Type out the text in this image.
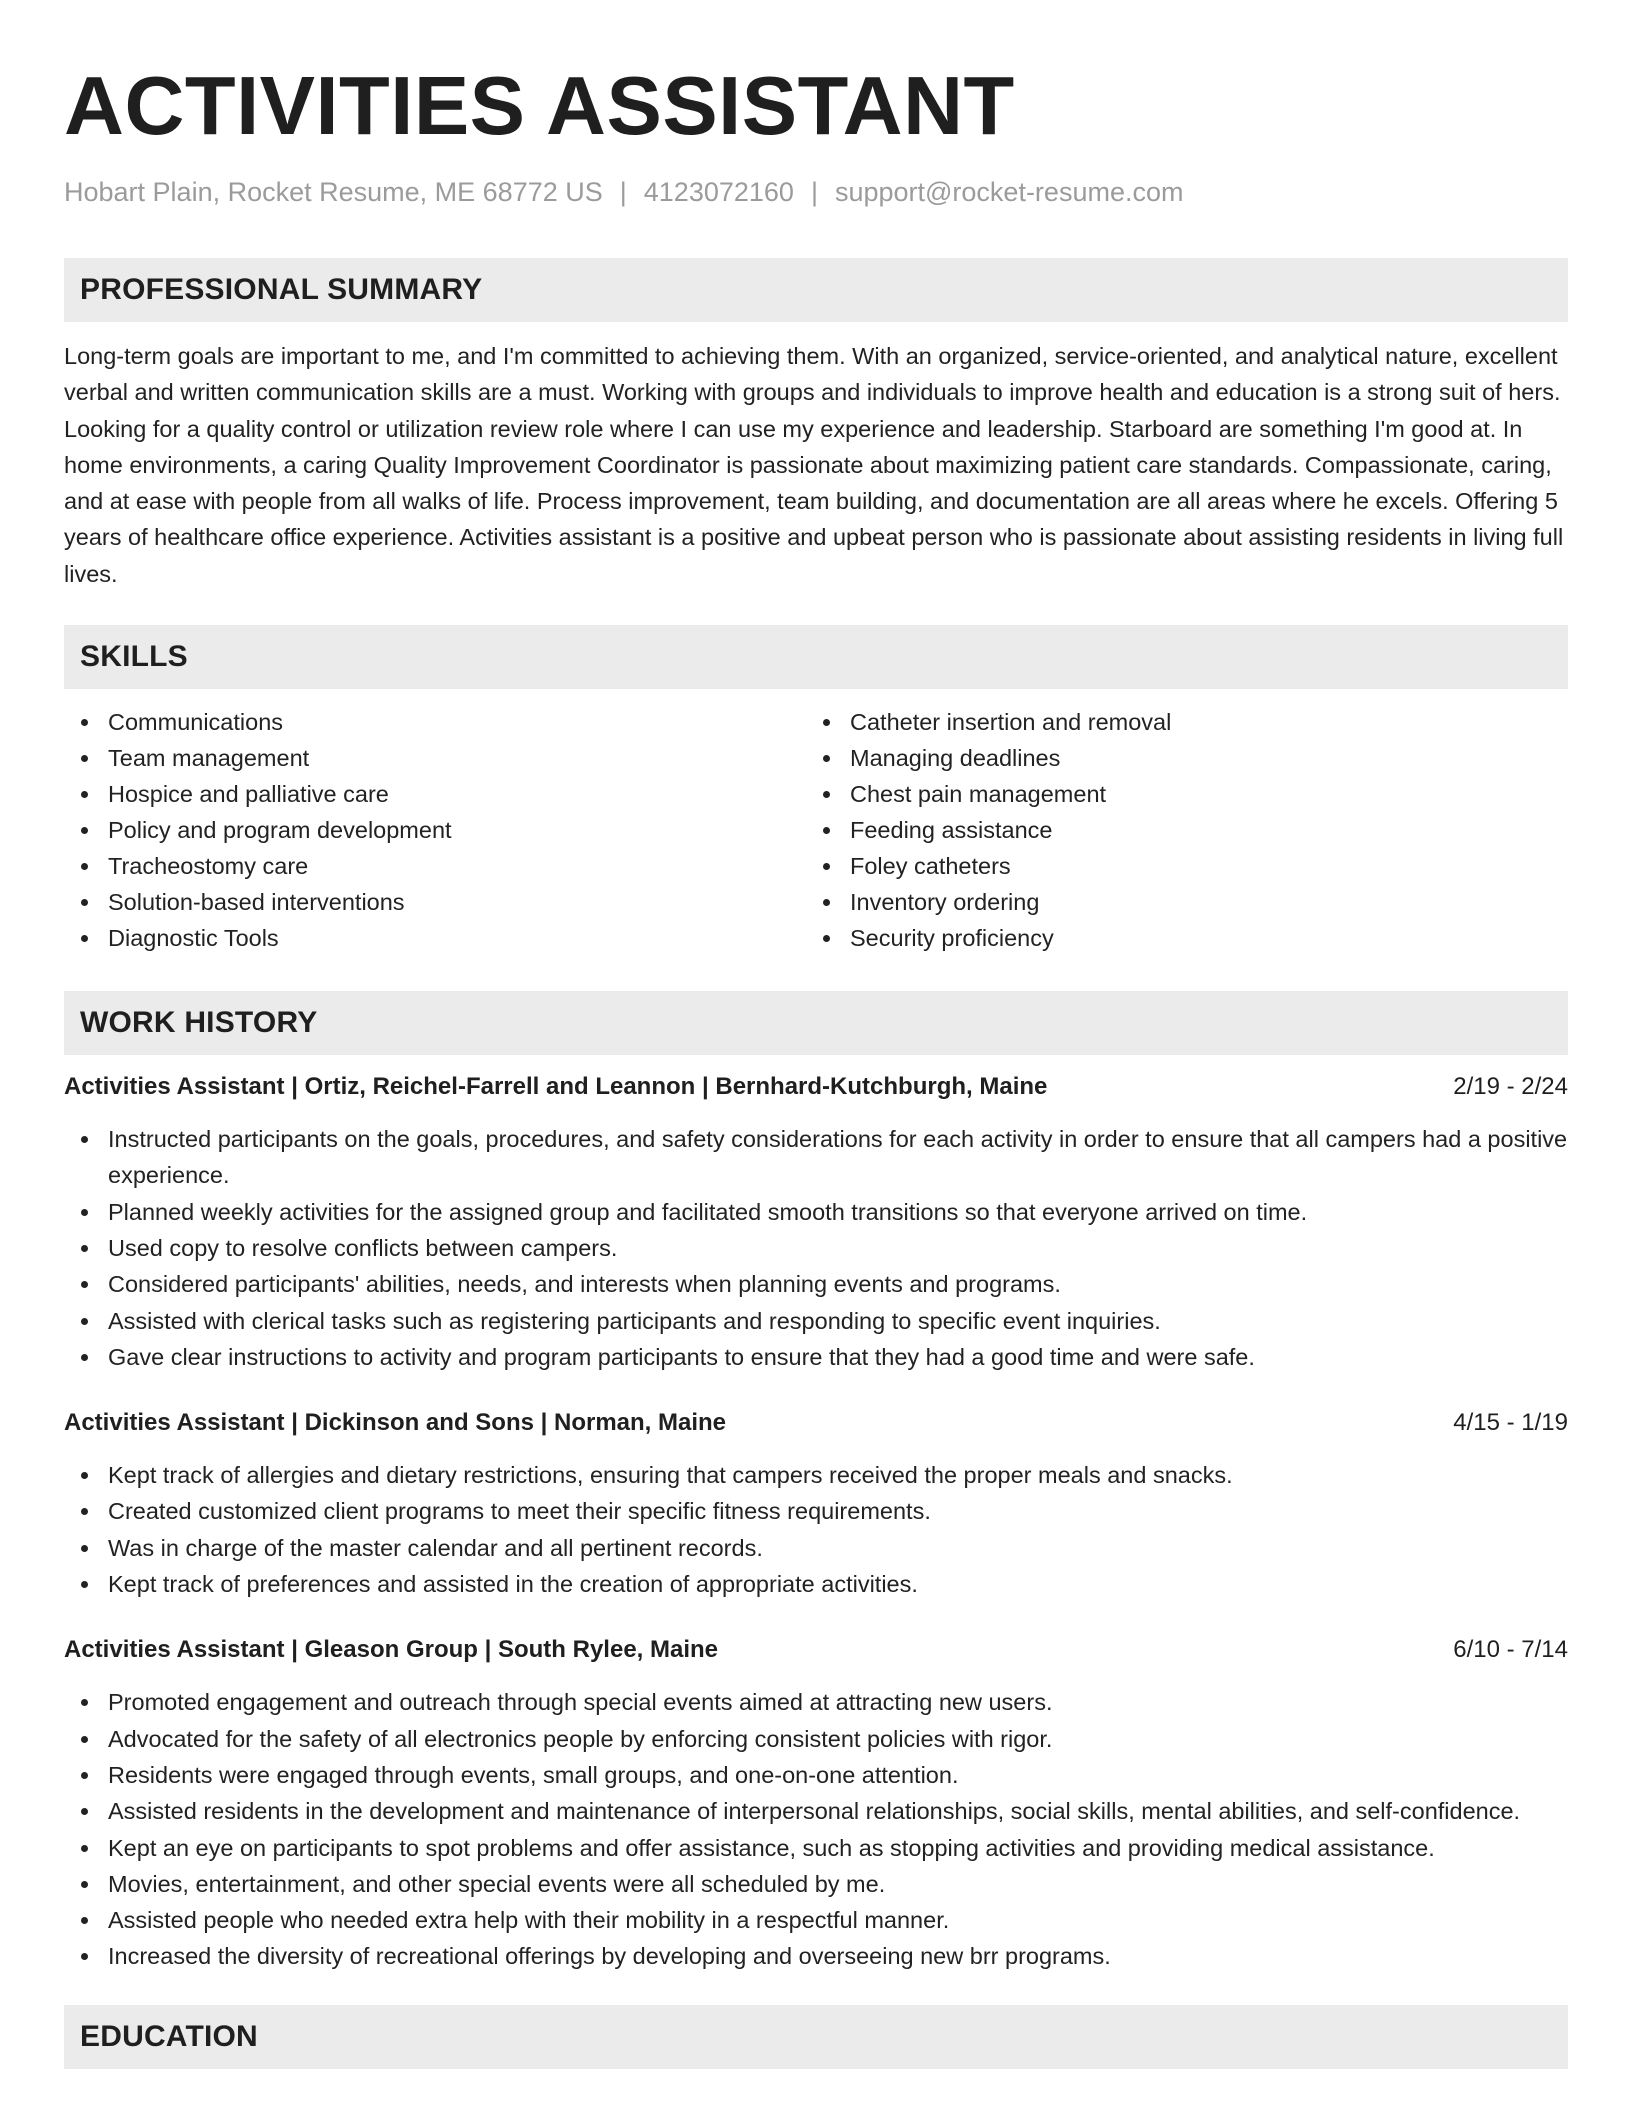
ACTIVITIES ASSISTANT
Hobart Plain, Rocket Resume, ME 68772 US | 4123072160 | support@rocket-resume.com
PROFESSIONAL SUMMARY

Long-term goals are important to me, and I'm committed to achieving them. With an organized, service-oriented, and analytical nature, excellent verbal and written communication skills are a must. Working with groups and individuals to improve health and education is a strong suit of hers. Looking for a quality control or utilization review role where I can use my experience and leadership. Starboard are something I'm good at. In home environments, a caring Quality Improvement Coordinator is passionate about maximizing patient care standards. Compassionate, caring, and at ease with people from all walks of life. Process improvement, team building, and documentation are all areas where he excels. Offering 5 years of healthcare office experience. Activities assistant is a positive and upbeat person who is passionate about assisting residents in living full lives.

SKILLS
Communications
Team management
Hospice and palliative care
Policy and program development
Tracheostomy care
Solution-based interventions
Diagnostic Tools
Catheter insertion and removal
Managing deadlines
Chest pain management
Feeding assistance
Foley catheters
Inventory ordering
Security proficiency
WORK HISTORY
Activities Assistant | Ortiz, Reichel-Farrell and Leannon | Bernhard-Kutchburgh, Maine	2/19 - 2/24
Instructed participants on the goals, procedures, and safety considerations for each activity in order to ensure that all campers had a positive experience.
Planned weekly activities for the assigned group and facilitated smooth transitions so that everyone arrived on time.
Used copy to resolve conflicts between campers.
Considered participants' abilities, needs, and interests when planning events and programs.
Assisted with clerical tasks such as registering participants and responding to specific event inquiries.
Gave clear instructions to activity and program participants to ensure that they had a good time and were safe.
Activities Assistant | Dickinson and Sons | Norman, Maine	4/15 - 1/19
Kept track of allergies and dietary restrictions, ensuring that campers received the proper meals and snacks.
Created customized client programs to meet their specific fitness requirements.
Was in charge of the master calendar and all pertinent records.
Kept track of preferences and assisted in the creation of appropriate activities.
Activities Assistant | Gleason Group | South Rylee, Maine	6/10 - 7/14
Promoted engagement and outreach through special events aimed at attracting new users.
Advocated for the safety of all electronics people by enforcing consistent policies with rigor.
Residents were engaged through events, small groups, and one-on-one attention.
Assisted residents in the development and maintenance of interpersonal relationships, social skills, mental abilities, and self-confidence.
Kept an eye on participants to spot problems and offer assistance, such as stopping activities and providing medical assistance.
Movies, entertainment, and other special events were all scheduled by me.
Assisted people who needed extra help with their mobility in a respectful manner.
Increased the diversity of recreational offerings by developing and overseeing new brr programs.
EDUCATION
